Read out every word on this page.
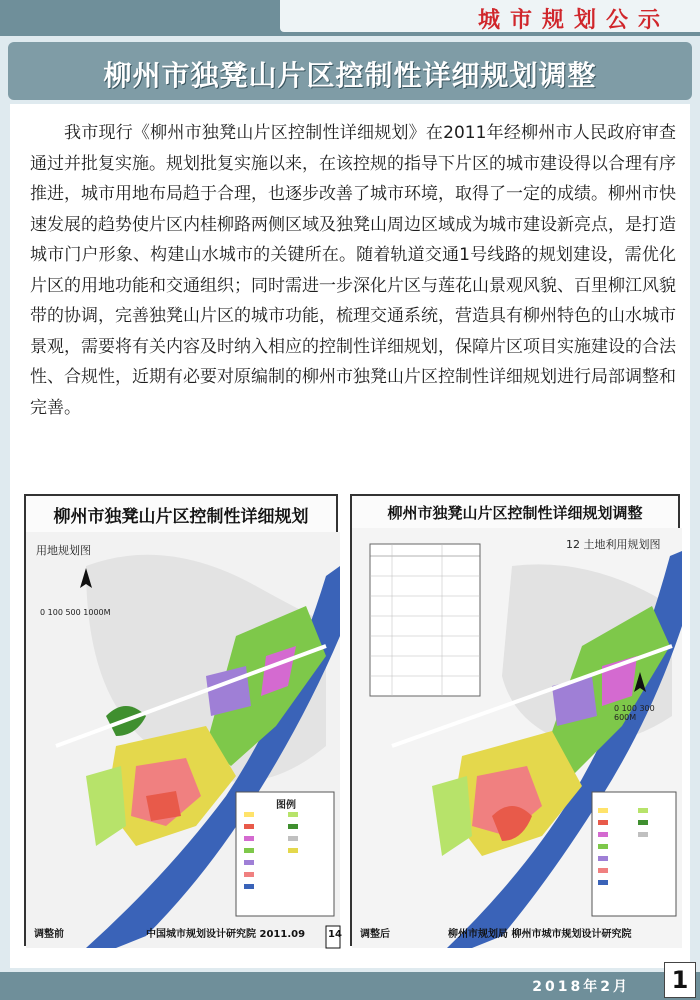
城市规划公示
柳州市独凳山片区控制性详细规划调整
我市现行《柳州市独凳山片区控制性详细规划》在2011年经柳州市人民政府审查通过并批复实施。规划批复实施以来，在该控规的指导下片区的城市建设得以合理有序推进，城市用地布局趋于合理，也逐步改善了城市环境，取得了一定的成绩。柳州市快速发展的趋势使片区内桂柳路两侧区域及独凳山周边区域成为城市建设新亮点，是打造城市门户形象、构建山水城市的关键所在。随着轨道交通1号线路的规划建设，需优化片区的用地功能和交通组织；同时需进一步深化片区与莲花山景观风貌、百里柳江风貌带的协调，完善独凳山片区的城市功能，梳理交通系统，营造具有柳州特色的山水城市景观，需要将有关内容及时纳入相应的控制性详细规划，保障片区项目实施建设的合法性、合规性，近期有必要对原编制的柳州市独凳山片区控制性详细规划进行局部调整和完善。
柳州市独凳山片区控制性详细规划
用地规划图
0 100 500 1000M
图例
调整前	中国城市规划设计研究院 2011.09 14
柳州市独凳山片区控制性详细规划调整
12 土地利用规划图
0 100 300 600M
调整后	柳州市规划局 柳州市城市规划设计研究院
2018年2月	1
